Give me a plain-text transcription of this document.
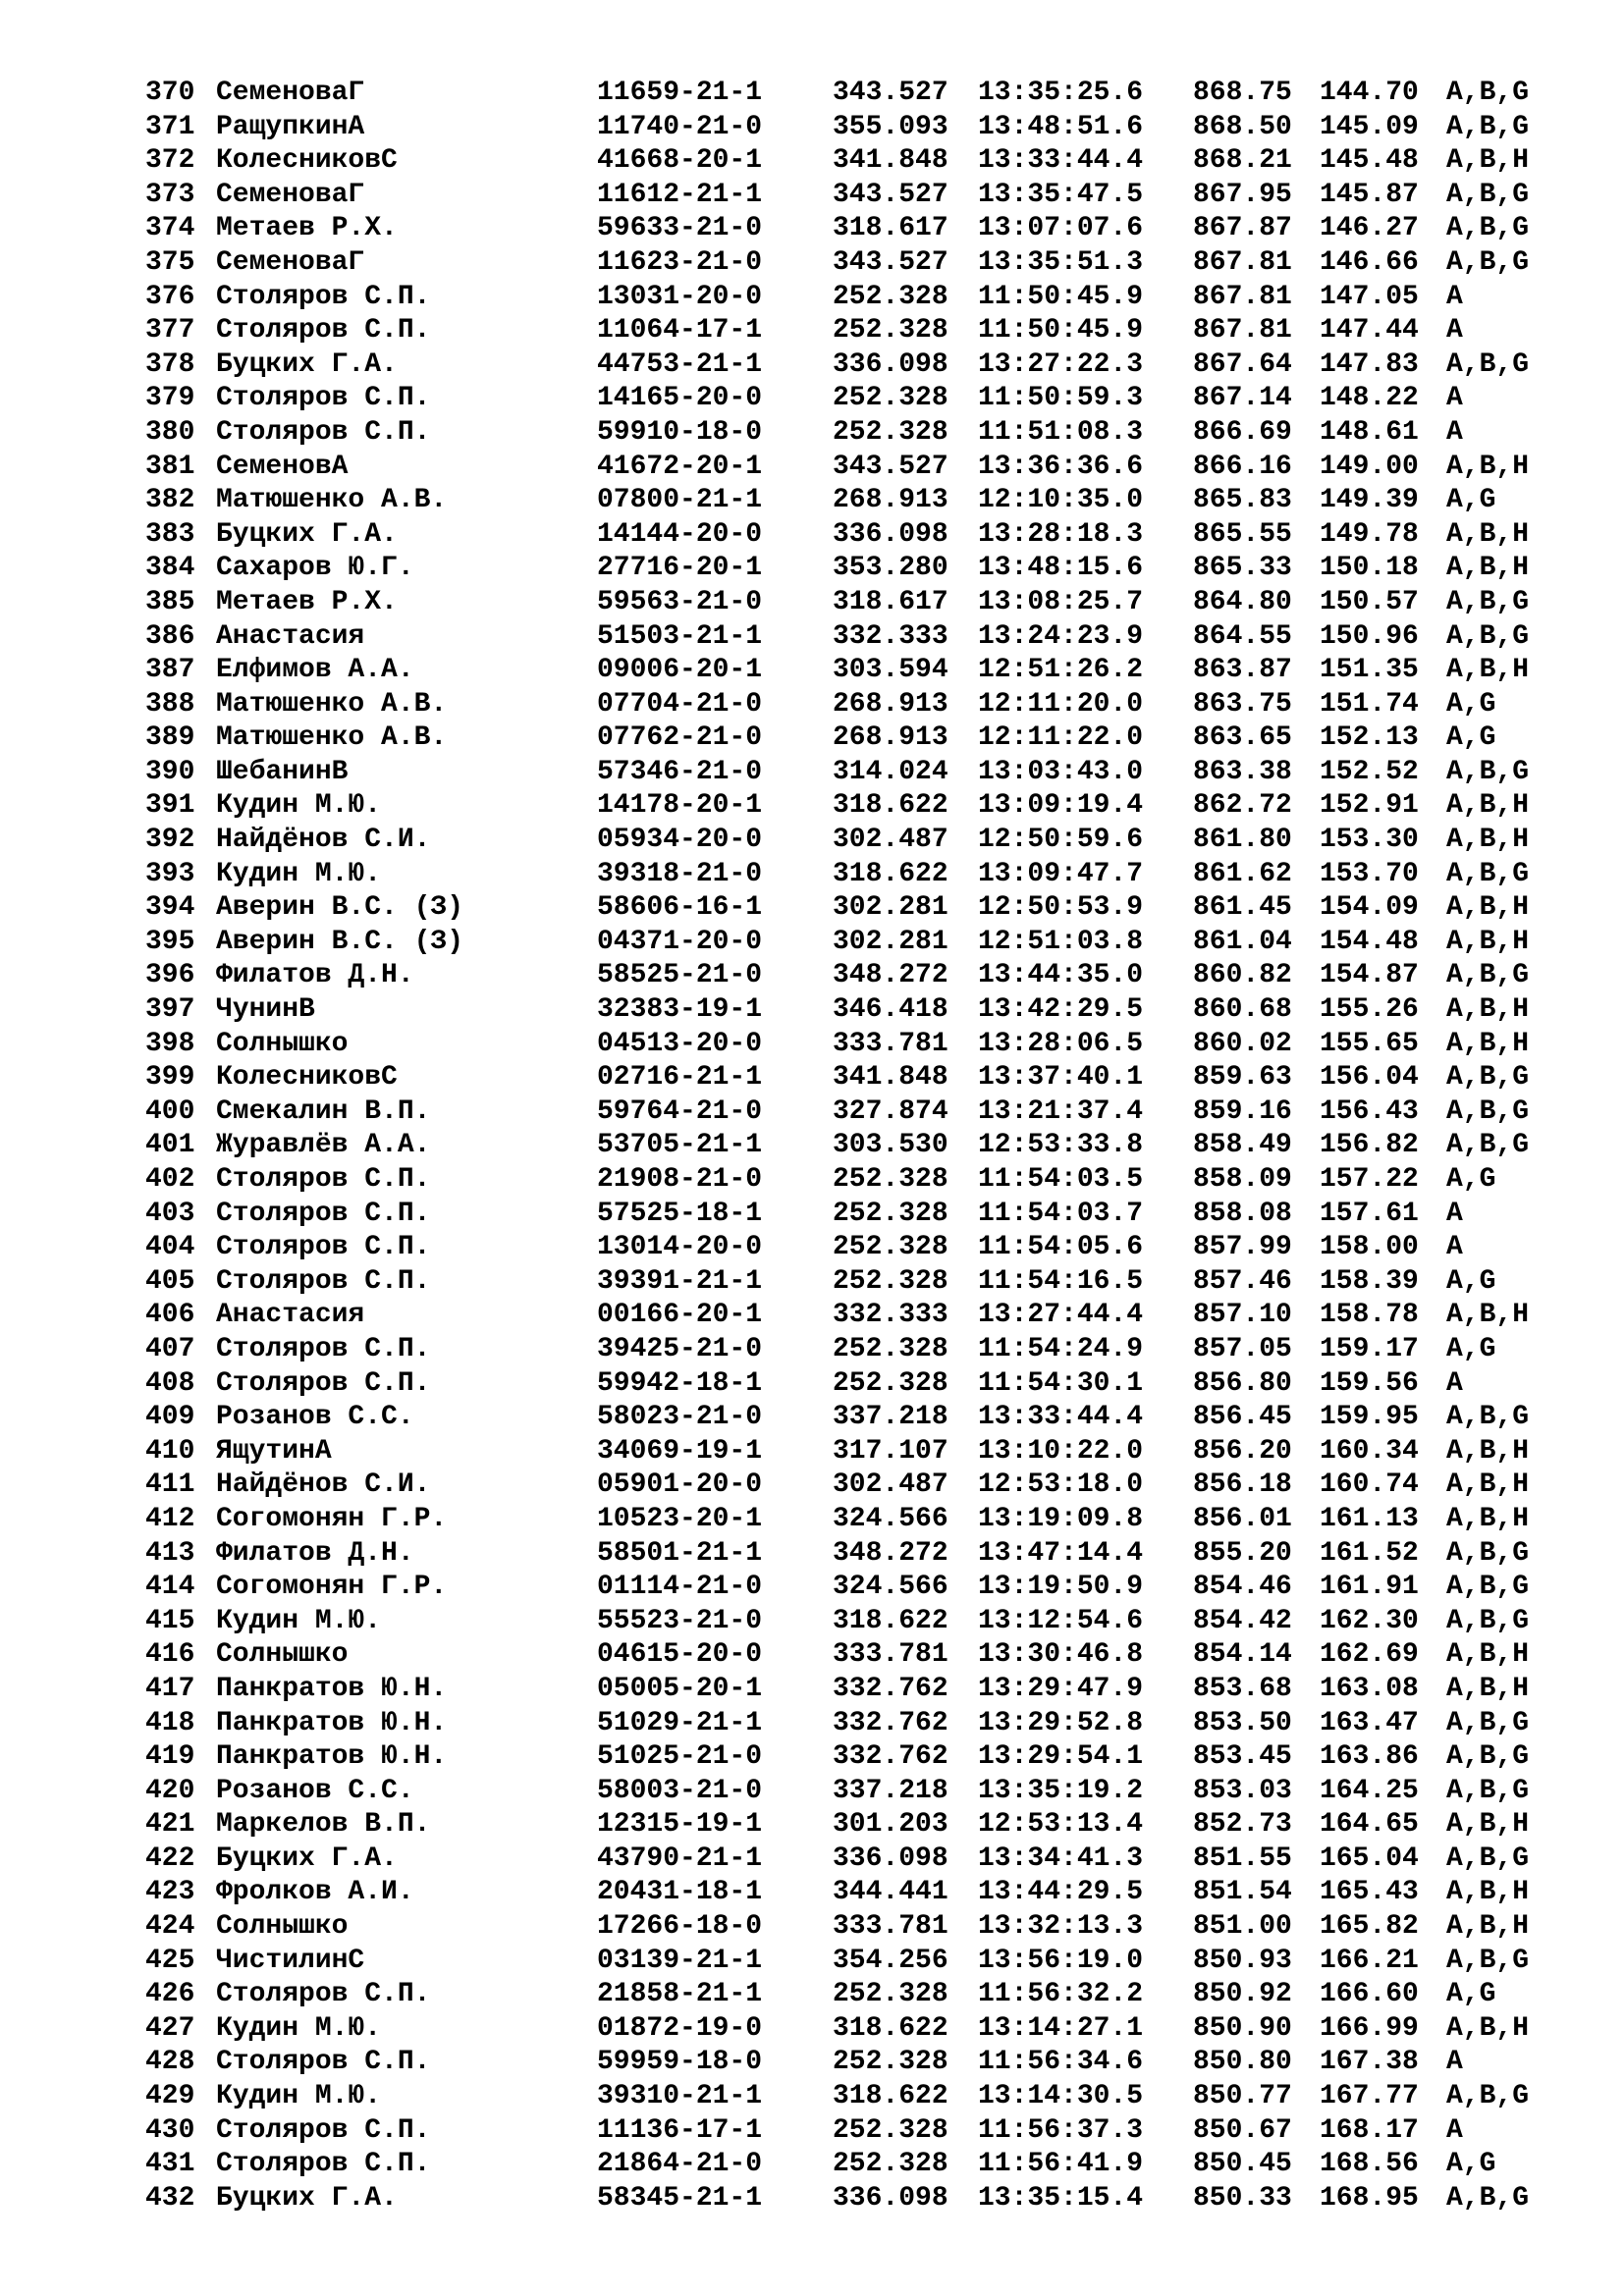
370 СеменоваГ	11659-21-1	343.527 13:35:25.6 868.75 144.70 A,B,G
371 РащупкинА	11740-21-0	355.093 13:48:51.6 868.50 145.09 A,B,G
372 КолесниковС	41668-20-1	341.848 13:33:44.4 868.21 145.48 A,B,H
373 СеменоваГ	11612-21-1	343.527 13:35:47.5 867.95 145.87 A,B,G
374 Метаев Р.Х.	59633-21-0	318.617 13:07:07.6 867.87 146.27 A,B,G
375 СеменоваГ	11623-21-0	343.527 13:35:51.3 867.81 146.66 A,B,G
376 Столяров С.П.	13031-20-0	252.328 11:50:45.9 867.81 147.05 A
377 Столяров С.П.	11064-17-1	252.328 11:50:45.9 867.81 147.44 A
378 Буцких Г.А.	44753-21-1	336.098 13:27:22.3 867.64 147.83 A,B,G
379 Столяров С.П.	14165-20-0	252.328 11:50:59.3 867.14 148.22 A
380 Столяров С.П.	59910-18-0	252.328 11:51:08.3 866.69 148.61 A
381 СеменовА	41672-20-1	343.527 13:36:36.6 866.16 149.00 A,B,H
382 Матюшенко А.В.	07800-21-1	268.913 12:10:35.0 865.83 149.39 A,G
383 Буцких Г.А.	14144-20-0	336.098 13:28:18.3 865.55 149.78 A,B,H
384 Сахаров Ю.Г.	27716-20-1	353.280 13:48:15.6 865.33 150.18 A,B,H
385 Метаев Р.Х.	59563-21-0	318.617 13:08:25.7 864.80 150.57 A,B,G
386 Анастасия	51503-21-1	332.333 13:24:23.9 864.55 150.96 A,B,G
387 Елфимов А.А.	09006-20-1	303.594 12:51:26.2 863.87 151.35 A,B,H
388 Матюшенко А.В.	07704-21-0	268.913 12:11:20.0 863.75 151.74 A,G
389 Матюшенко А.В.	07762-21-0	268.913 12:11:22.0 863.65 152.13 A,G
390 ШебанинВ	57346-21-0	314.024 13:03:43.0 863.38 152.52 A,B,G
391 Кудин М.Ю.	14178-20-1	318.622 13:09:19.4 862.72 152.91 A,B,H
392 Найдёнов С.И.	05934-20-0	302.487 12:50:59.6 861.80 153.30 A,B,H
393 Кудин М.Ю.	39318-21-0	318.622 13:09:47.7 861.62 153.70 A,B,G
394 Аверин В.С. (З)	58606-16-1	302.281 12:50:53.9 861.45 154.09 A,B,H
395 Аверин В.С. (З)	04371-20-0	302.281 12:51:03.8 861.04 154.48 A,B,H
396 Филатов Д.Н.	58525-21-0	348.272 13:44:35.0 860.82 154.87 A,B,G
397 ЧунинВ	32383-19-1	346.418 13:42:29.5 860.68 155.26 A,B,H
398 Солнышко	04513-20-0	333.781 13:28:06.5 860.02 155.65 A,B,H
399 КолесниковС	02716-21-1	341.848 13:37:40.1 859.63 156.04 A,B,G
400 Смекалин В.П.	59764-21-0	327.874 13:21:37.4 859.16 156.43 A,B,G
401 Журавлёв А.А.	53705-21-1	303.530 12:53:33.8 858.49 156.82 A,B,G
402 Столяров С.П.	21908-21-0	252.328 11:54:03.5 858.09 157.22 A,G
403 Столяров С.П.	57525-18-1	252.328 11:54:03.7 858.08 157.61 A
404 Столяров С.П.	13014-20-0	252.328 11:54:05.6 857.99 158.00 A
405 Столяров С.П.	39391-21-1	252.328 11:54:16.5 857.46 158.39 A,G
406 Анастасия	00166-20-1	332.333 13:27:44.4 857.10 158.78 A,B,H
407 Столяров С.П.	39425-21-0	252.328 11:54:24.9 857.05 159.17 A,G
408 Столяров С.П.	59942-18-1	252.328 11:54:30.1 856.80 159.56 A
409 Розанов С.С.	58023-21-0	337.218 13:33:44.4 856.45 159.95 A,B,G
410 ЯщутинА	34069-19-1	317.107 13:10:22.0 856.20 160.34 A,B,H
411 Найдёнов С.И.	05901-20-0	302.487 12:53:18.0 856.18 160.74 A,B,H
412 Согомонян Г.Р.	10523-20-1	324.566 13:19:09.8 856.01 161.13 A,B,H
413 Филатов Д.Н.	58501-21-1	348.272 13:47:14.4 855.20 161.52 A,B,G
414 Согомонян Г.Р.	01114-21-0	324.566 13:19:50.9 854.46 161.91 A,B,G
415 Кудин М.Ю.	55523-21-0	318.622 13:12:54.6 854.42 162.30 A,B,G
416 Солнышко	04615-20-0	333.781 13:30:46.8 854.14 162.69 A,B,H
417 Панкратов Ю.Н.	05005-20-1	332.762 13:29:47.9 853.68 163.08 A,B,H
418 Панкратов Ю.Н.	51029-21-1	332.762 13:29:52.8 853.50 163.47 A,B,G
419 Панкратов Ю.Н.	51025-21-0	332.762 13:29:54.1 853.45 163.86 A,B,G
420 Розанов С.С.	58003-21-0	337.218 13:35:19.2 853.03 164.25 A,B,G
421 Маркелов В.П.	12315-19-1	301.203 12:53:13.4 852.73 164.65 A,B,H
422 Буцких Г.А.	43790-21-1	336.098 13:34:41.3 851.55 165.04 A,B,G
423 Фролков А.И.	20431-18-1	344.441 13:44:29.5 851.54 165.43 A,B,H
424 Солнышко	17266-18-0	333.781 13:32:13.3 851.00 165.82 A,B,H
425 ЧистилинС	03139-21-1	354.256 13:56:19.0 850.93 166.21 A,B,G
426 Столяров С.П.	21858-21-1	252.328 11:56:32.2 850.92 166.60 A,G
427 Кудин М.Ю.	01872-19-0	318.622 13:14:27.1 850.90 166.99 A,B,H
428 Столяров С.П.	59959-18-0	252.328 11:56:34.6 850.80 167.38 A
429 Кудин М.Ю.	39310-21-1	318.622 13:14:30.5 850.77 167.77 A,B,G
430 Столяров С.П.	11136-17-1	252.328 11:56:37.3 850.67 168.17 A
431 Столяров С.П.	21864-21-0	252.328 11:56:41.9 850.45 168.56 A,G
432 Буцких Г.А.	58345-21-1	336.098 13:35:15.4 850.33 168.95 A,B,G
